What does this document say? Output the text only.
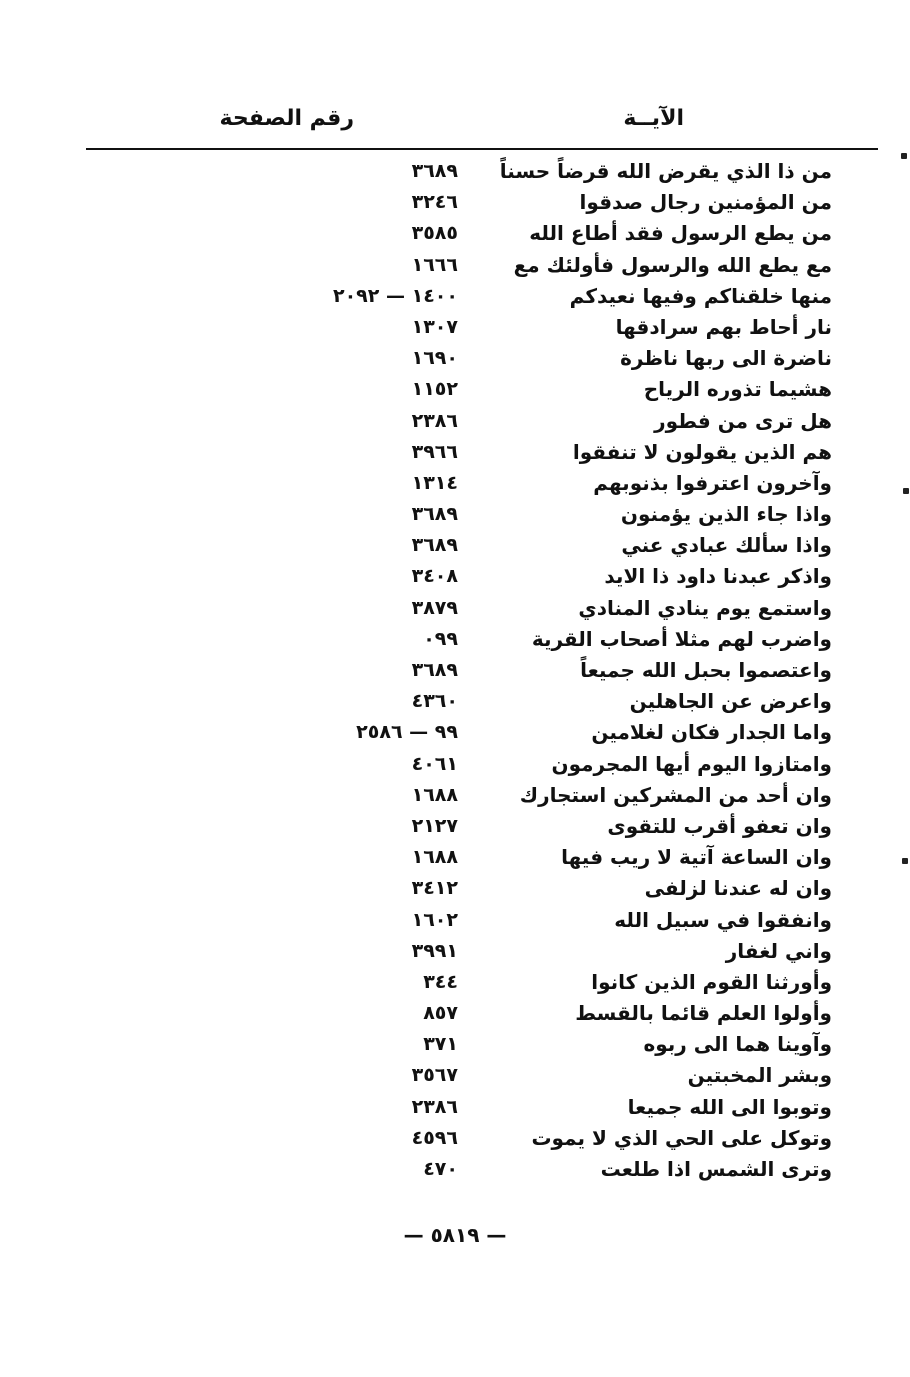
الآيــة
رقم الصفحة
من ذا الذي يقرض الله قرضاً حسناً
٣٦٨٩
من المؤمنين رجال صدقوا
٣٢٤٦
من يطع الرسول فقد أطاع الله
٣٥٨٥
مع يطع الله والرسول فأولئك مع
١٦٦٦
منها خلقناكم وفيها نعيدكم
١٤٠٠ — ٢٠٩٢
نار أحاط بهم سرادقها
١٣٠٧
ناضرة الى ربها ناظرة
١٦٩٠
هشيما تذوره الرياح
١١٥٢
هل ترى من فطور
٢٣٨٦
هم الذين يقولون لا تنفقوا
٣٩٦٦
وآخرون اعترفوا بذنوبهم
١٣١٤
واذا جاء الذين يؤمنون
٣٦٨٩
واذا سألك عبادي عني
٣٦٨٩
واذكر عبدنا داود ذا الايد
٣٤٠٨
واستمع يوم ينادي المنادي
٣٨٧٩
واضرب لهم مثلا أصحاب القرية
٠٩٩
واعتصموا بحبل الله جميعاً
٣٦٨٩
واعرض عن الجاهلين
٤٣٦٠
واما الجدار فكان لغلامين
٩٩ — ٢٥٨٦
وامتازوا اليوم أيها المجرمون
٤٠٦١
وان أحد من المشركين استجارك
١٦٨٨
وان تعفو أقرب للتقوى
٢١٢٧
وان الساعة آتية لا ريب فيها
١٦٨٨
وان له عندنا لزلفى
٣٤١٢
وانفقوا في سبيل الله
١٦٠٢
واني لغفار
٣٩٩١
وأورثنا القوم الذين كانوا
٣٤٤
وأولوا العلم قائما بالقسط
٨٥٧
وآوينا هما الى ربوه
٣٧١
وبشر المخبتين
٣٥٦٧
وتوبوا الى الله جميعا
٢٣٨٦
وتوكل على الحي الذي لا يموت
٤٥٩٦
وترى الشمس اذا طلعت
٤٧٠
— ٥٨١٩ —
